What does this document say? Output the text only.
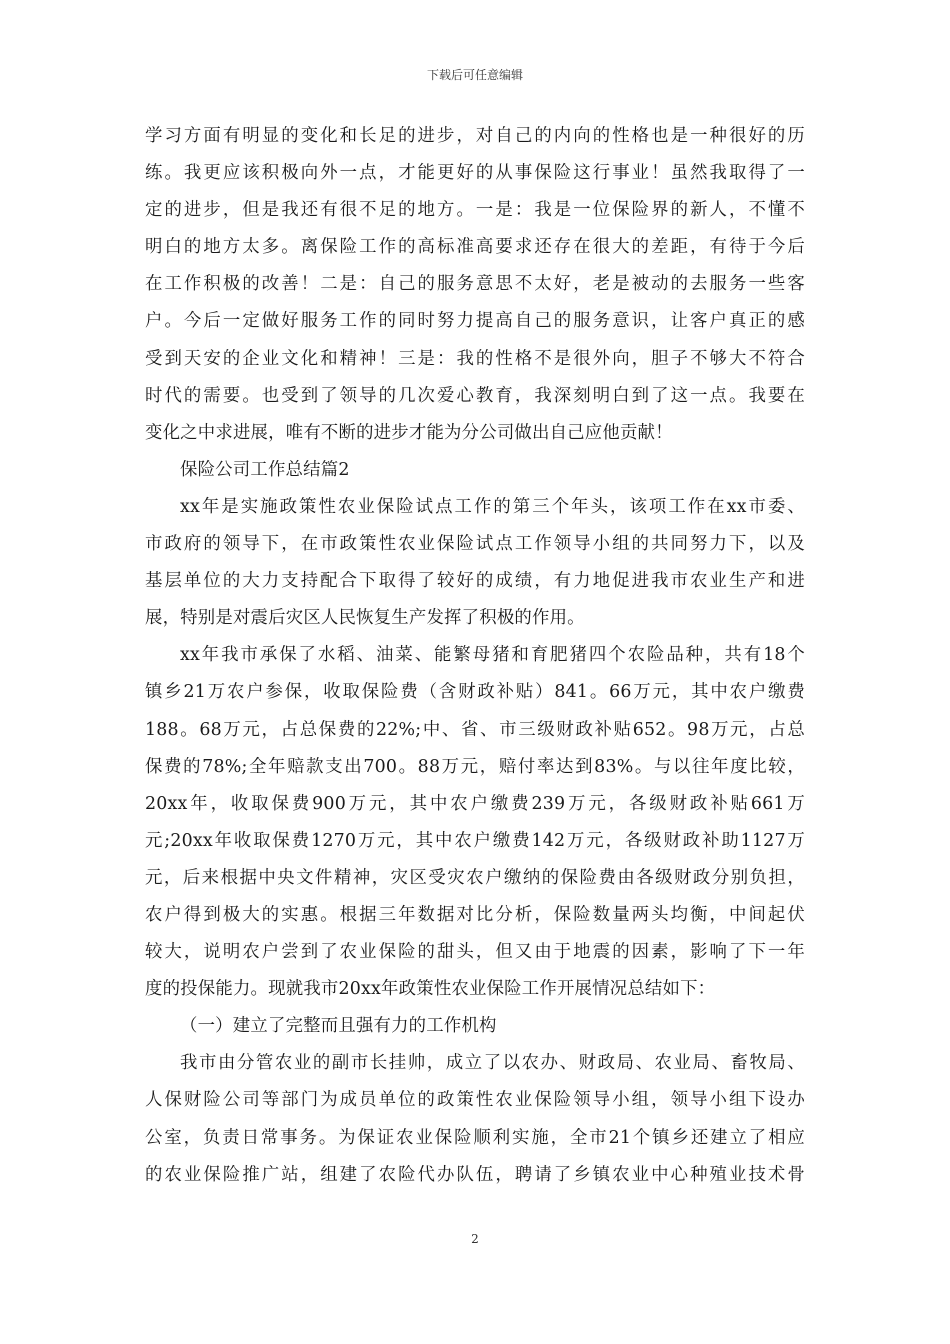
下载后可任意编辑
学习方面有明显的变化和长足的进步，对自己的内向的性格也是一种很好的历
练。我更应该积极向外一点，才能更好的从事保险这行事业！虽然我取得了一
定的进步，但是我还有很不足的地方。一是：我是一位保险界的新人，不懂不
明白的地方太多。离保险工作的高标准高要求还存在很大的差距，有待于今后
在工作积极的改善！二是：自己的服务意思不太好，老是被动的去服务一些客
户。今后一定做好服务工作的同时努力提高自己的服务意识，让客户真正的感
受到天安的企业文化和精神！三是：我的性格不是很外向，胆子不够大不符合
时代的需要。也受到了领导的几次爱心教育，我深刻明白到了这一点。我要在
变化之中求进展，唯有不断的进步才能为分公司做出自己应他贡献！
保险公司工作总结篇2
xx年是实施政策性农业保险试点工作的第三个年头，该项工作在xx市委、
市政府的领导下，在市政策性农业保险试点工作领导小组的共同努力下，以及
基层单位的大力支持配合下取得了较好的成绩，有力地促进我市农业生产和进
展，特别是对震后灾区人民恢复生产发挥了积极的作用。
xx年我市承保了水稻、油菜、能繁母猪和育肥猪四个农险品种，共有18个
镇乡21万农户参保，收取保险费（含财政补贴）841。66万元，其中农户缴费
188。68万元，占总保费的22%;中、省、市三级财政补贴652。98万元，占总
保费的78%;全年赔款支出700。88万元，赔付率达到83%。与以往年度比较，
20xx年，收取保费900万元，其中农户缴费239万元，各级财政补贴661万
元;20xx年收取保费1270万元，其中农户缴费142万元，各级财政补助1127万
元，后来根据中央文件精神，灾区受灾农户缴纳的保险费由各级财政分别负担，
农户得到极大的实惠。根据三年数据对比分析，保险数量两头均衡，中间起伏
较大，说明农户尝到了农业保险的甜头，但又由于地震的因素，影响了下一年
度的投保能力。现就我市20xx年政策性农业保险工作开展情况总结如下：
（一）建立了完整而且强有力的工作机构
我市由分管农业的副市长挂帅，成立了以农办、财政局、农业局、畜牧局、
人保财险公司等部门为成员单位的政策性农业保险领导小组，领导小组下设办
公室，负责日常事务。为保证农业保险顺利实施，全市21个镇乡还建立了相应
的农业保险推广站，组建了农险代办队伍，聘请了乡镇农业中心种殖业技术骨
2
